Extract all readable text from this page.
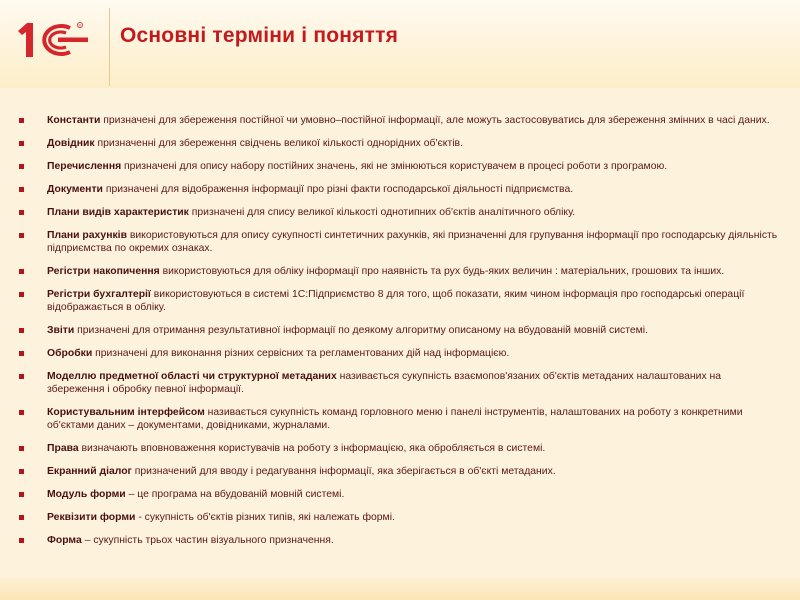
R Основні терміни і поняття
Константи призначені для збереження постійної чи умовно–постійної інформації, але можуть застосовуватись для збереження змінних в часі даних.
Довідник призначенні для збереження свідчень великої кількості однорідних об'єктів.
Перечислення призначені для опису набору постійних значень, які не змінюються користувачем в процесі роботи з програмою.
Документи призначені для відображення інформації про різні факти господарської діяльності підприємства.
Плани видів характеристик призначені для спису великої кількості однотипних об'єктів аналітичного обліку.
Плани рахунків використовуються для опису сукупності синтетичних рахунків, які призначенні для групування інформації про господарську діяльність підприємства по окремих ознаках.
Регістри накопичення використовуються для обліку інформації про наявність та рух будь-яких величин : матеріальних, грошових та інших.
Регістри бухгалтерії використовуються в системі 1С:Підприємство 8 для того, щоб показати, яким чином інформація про господарські операції відображається в обліку.
Звіти призначені для отримання результативної інформації по деякому алгоритму описаному на вбудованій мовній системі.
Обробки призначені для виконання різних сервісних та регламентованих дій над інформацією.
Моделлю предметної області чи структурної метаданих називається сукупність взаємопов'язаних об'єктів метаданих налаштованих на збереження і обробку певної інформації.
Користувальним інтерфейсом називається сукупність команд горловного меню і панелі інструментів, налаштованих на роботу з конкретними об'єктами даних – документами, довідниками, журналами.
Права визначають вповноваження користувачів на роботу з інформацією, яка обробляється в системі.
Екранний діалог призначений для вводу і редагування інформації, яка зберігається в об'єкті метаданих.
Модуль форми – це програма на вбудованій мовній системі.
Реквізити форми - сукупність об'єктів різних типів, які належать формі.
Форма – сукупність трьох частин візуального призначення.
